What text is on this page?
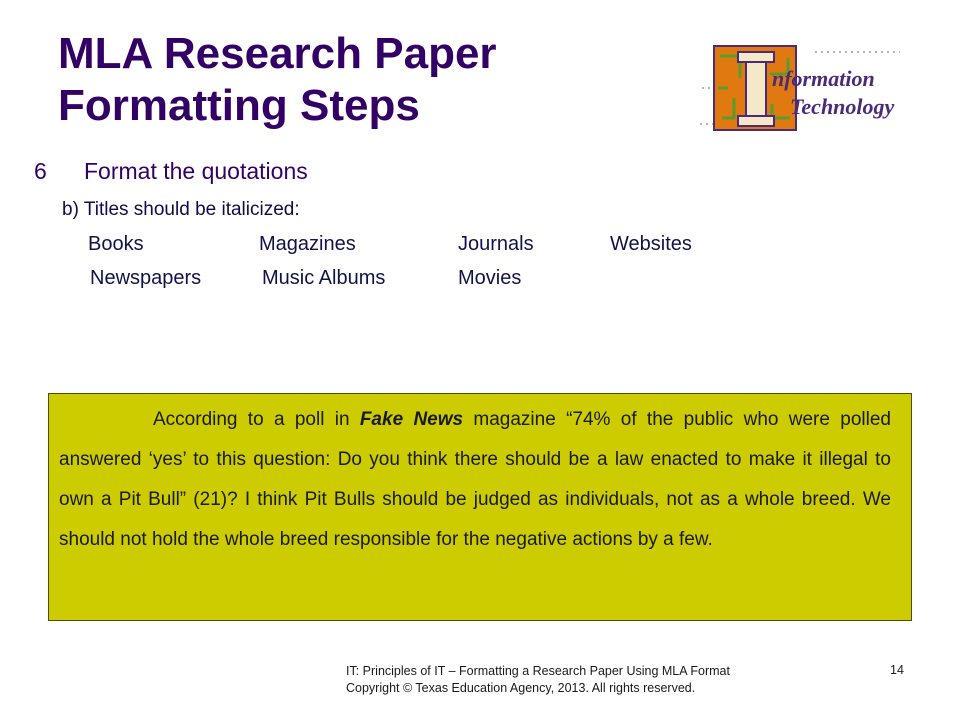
MLA Research Paper
Formatting Steps
nformation
Technology
6 Format the quotations
b) Titles should be italicized:
Books	Magazines	Journals	Websites
Newspapers	Music Albums	Movies

According to a poll in Fake News magazine “74% of the public who were polled answered ‘yes’ to this question: Do you think there should be a law enacted to make it illegal to own a Pit Bull” (21)? I think Pit Bulls should be judged as individuals, not as a whole breed. We should not hold the whole breed responsible for the negative actions by a few.

IT: Principles of IT – Formatting a Research Paper Using MLA Format
Copyright © Texas Education Agency, 2013. All rights reserved.
14
